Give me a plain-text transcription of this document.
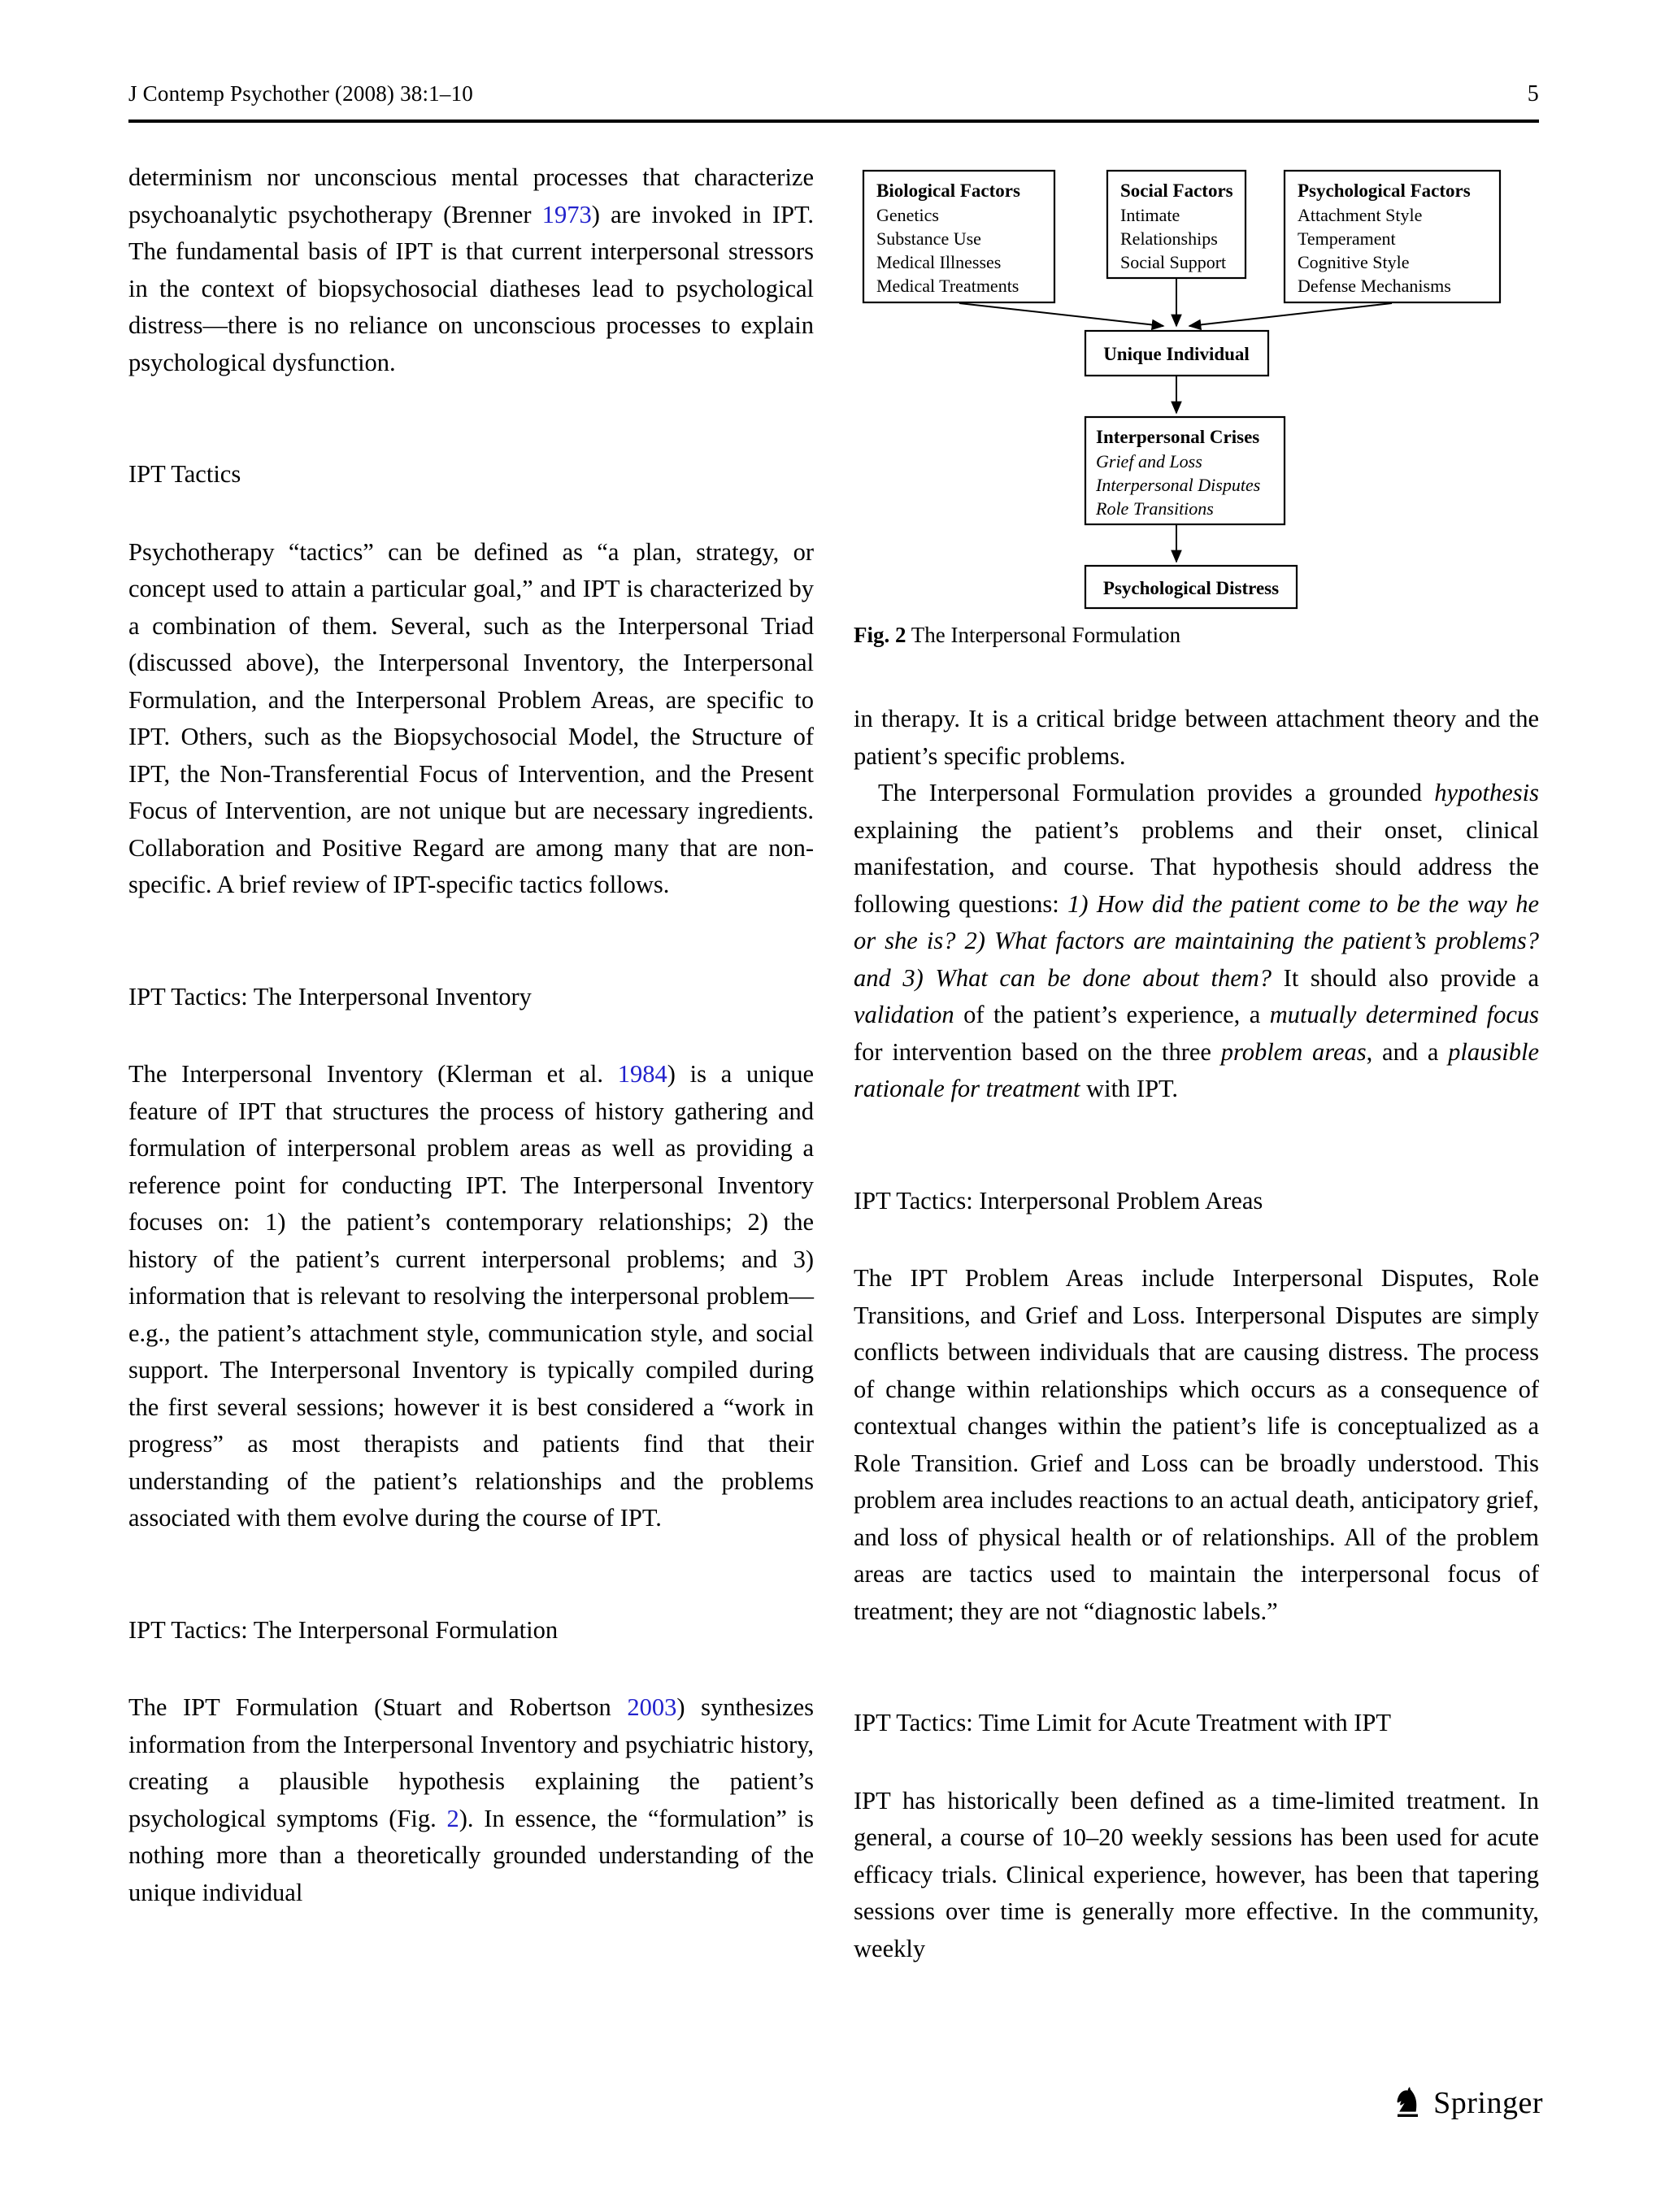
J Contemp Psychother (2008) 38:1–10	5

determinism nor unconscious mental processes that characterize psychoanalytic psychotherapy (Brenner 1973) are invoked in IPT. The fundamental basis of IPT is that current interpersonal stressors in the context of biopsychosocial diatheses lead to psychological distress—there is no reliance on unconscious processes to explain psychological dysfunction.

IPT Tactics

Psychotherapy “tactics” can be defined as “a plan, strategy, or concept used to attain a particular goal,” and IPT is characterized by a combination of them. Several, such as the Interpersonal Triad (discussed above), the Interpersonal Inventory, the Interpersonal Formulation, and the Interpersonal Problem Areas, are specific to IPT. Others, such as the Biopsychosocial Model, the Structure of IPT, the Non-Transferential Focus of Intervention, and the Present Focus of Intervention, are not unique but are necessary ingredients. Collaboration and Positive Regard are among many that are non-specific. A brief review of IPT-specific tactics follows.

IPT Tactics: The Interpersonal Inventory

The Interpersonal Inventory (Klerman et al. 1984) is a unique feature of IPT that structures the process of history gathering and formulation of interpersonal problem areas as well as providing a reference point for conducting IPT. The Interpersonal Inventory focuses on: 1) the patient’s contemporary relationships; 2) the history of the patient’s current interpersonal problems; and 3) information that is relevant to resolving the interpersonal problem—e.g., the patient’s attachment style, communication style, and social support. The Interpersonal Inventory is typically compiled during the first several sessions; however it is best considered a “work in progress” as most therapists and patients find that their understanding of the patient’s relationships and the problems associated with them evolve during the course of IPT.

IPT Tactics: The Interpersonal Formulation

The IPT Formulation (Stuart and Robertson 2003) synthesizes information from the Interpersonal Inventory and psychiatric history, creating a plausible hypothesis explaining the patient’s psychological symptoms (Fig. 2). In essence, the “formulation” is nothing more than a theoretically grounded understanding of the unique individual

Biological Factors
Genetics
Substance Use
Medical Illnesses
Medical Treatments
Social Factors
Intimate
Relationships
Social Support
Psychological Factors
Attachment Style
Temperament
Cognitive Style
Defense Mechanisms
Unique Individual
Interpersonal Crises
Grief and Loss
Interpersonal Disputes
Role Transitions
Psychological Distress
Fig. 2 The Interpersonal Formulation

in therapy. It is a critical bridge between attachment theory and the patient’s specific problems.

The Interpersonal Formulation provides a grounded hypothesis explaining the patient’s problems and their onset, clinical manifestation, and course. That hypothesis should address the following questions: 1) How did the patient come to be the way he or she is? 2) What factors are maintaining the patient’s problems? and 3) What can be done about them? It should also provide a validation of the patient’s experience, a mutually determined focus for intervention based on the three problem areas, and a plausible rationale for treatment with IPT.

IPT Tactics: Interpersonal Problem Areas

The IPT Problem Areas include Interpersonal Disputes, Role Transitions, and Grief and Loss. Interpersonal Disputes are simply conflicts between individuals that are causing distress. The process of change within relationships which occurs as a consequence of contextual changes within the patient’s life is conceptualized as a Role Transition. Grief and Loss can be broadly understood. This problem area includes reactions to an actual death, anticipatory grief, and loss of physical health or of relationships. All of the problem areas are tactics used to maintain the interpersonal focus of treatment; they are not “diagnostic labels.”

IPT Tactics: Time Limit for Acute Treatment with IPT

IPT has historically been defined as a time-limited treatment. In general, a course of 10–20 weekly sessions has been used for acute efficacy trials. Clinical experience, however, has been that tapering sessions over time is generally more effective. In the community, weekly

Springer
